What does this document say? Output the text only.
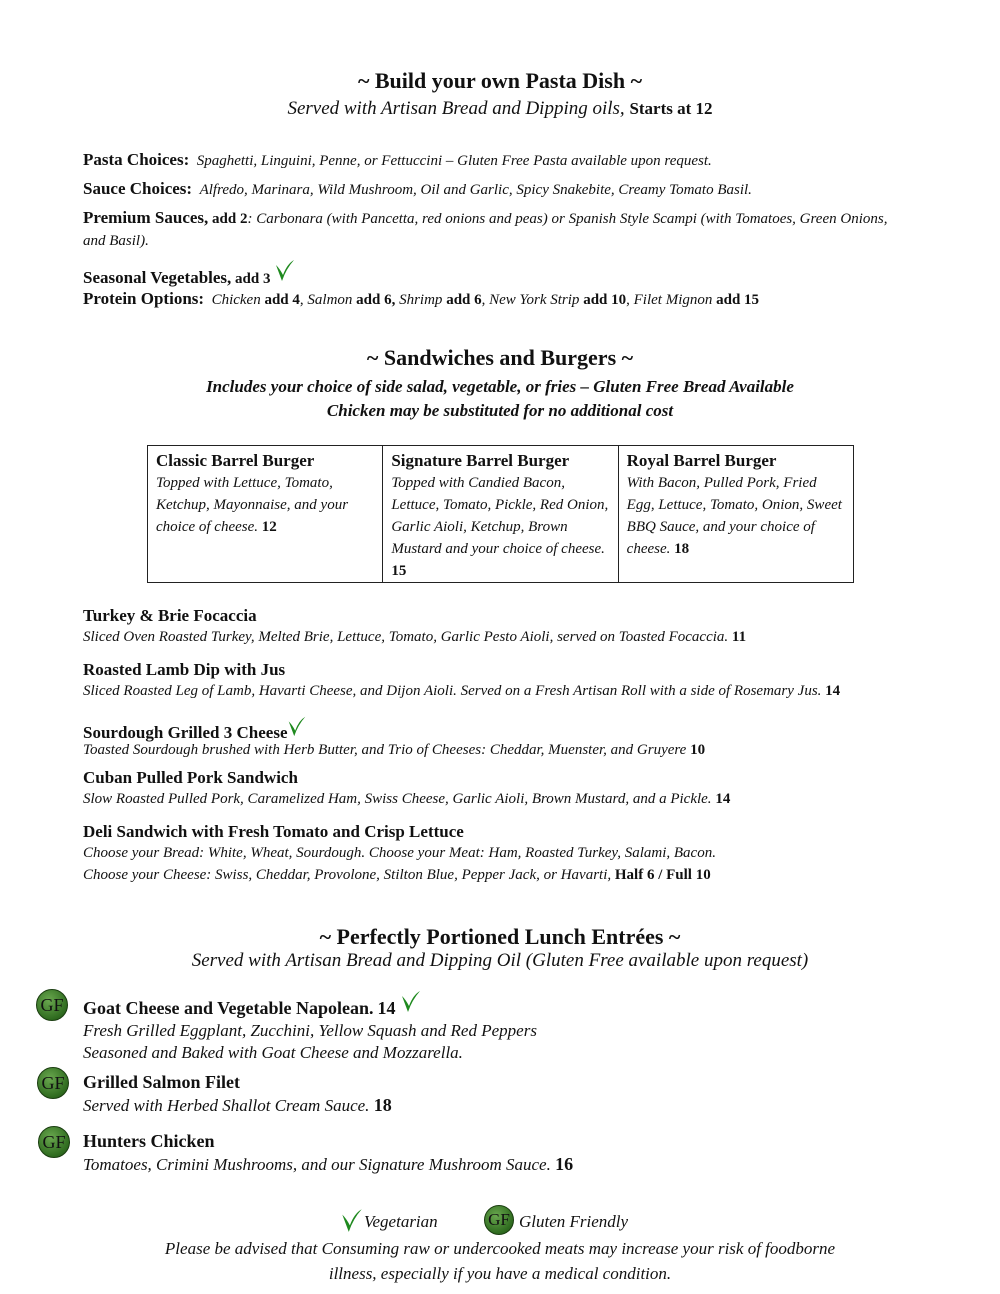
~ Build your own Pasta Dish ~
Served with Artisan Bread and Dipping oils, Starts at 12
Pasta Choices: Spaghetti, Linguini, Penne, or Fettuccini – Gluten Free Pasta available upon request.
Sauce Choices: Alfredo, Marinara, Wild Mushroom, Oil and Garlic, Spicy Snakebite, Creamy Tomato Basil.
Premium Sauces, add 2: Carbonara (with Pancetta, red onions and peas) or Spanish Style Scampi (with Tomatoes, Green Onions, and Basil).
Seasonal Vegetables, add 3
Protein Options: Chicken add 4, Salmon add 6, Shrimp add 6, New York Strip add 10, Filet Mignon add 15
~ Sandwiches and Burgers ~
Includes your choice of side salad, vegetable, or fries – Gluten Free Bread Available
Chicken may be substituted for no additional cost
Classic Barrel Burger
Topped with Lettuce, Tomato, Ketchup, Mayonnaise, and your choice of cheese. 12	
Signature Barrel Burger
Topped with Candied Bacon, Lettuce, Tomato, Pickle, Red Onion, Garlic Aioli, Ketchup, Brown Mustard and your choice of cheese. 15	
Royal Barrel Burger
With Bacon, Pulled Pork, Fried Egg, Lettuce, Tomato, Onion, Sweet BBQ Sauce, and your choice of cheese. 18
Turkey & Brie Focaccia
Sliced Oven Roasted Turkey, Melted Brie, Lettuce, Tomato, Garlic Pesto Aioli, served on Toasted Focaccia. 11
Roasted Lamb Dip with Jus
Sliced Roasted Leg of Lamb, Havarti Cheese, and Dijon Aioli. Served on a Fresh Artisan Roll with a side of Rosemary Jus. 14
Sourdough Grilled 3 Cheese
Toasted Sourdough brushed with Herb Butter, and Trio of Cheeses: Cheddar, Muenster, and Gruyere 10
Cuban Pulled Pork Sandwich
Slow Roasted Pulled Pork, Caramelized Ham, Swiss Cheese, Garlic Aioli, Brown Mustard, and a Pickle. 14
Deli Sandwich with Fresh Tomato and Crisp Lettuce
Choose your Bread: White, Wheat, Sourdough. Choose your Meat: Ham, Roasted Turkey, Salami, Bacon.
Choose your Cheese: Swiss, Cheddar, Provolone, Stilton Blue, Pepper Jack, or Havarti, Half 6 / Full 10
~ Perfectly Portioned Lunch Entrées ~
Served with Artisan Bread and Dipping Oil (Gluten Free available upon request)
GF Goat Cheese and Vegetable Napolean. 14
Fresh Grilled Eggplant, Zucchini, Yellow Squash and Red Peppers
Seasoned and Baked with Goat Cheese and Mozzarella.
GF Grilled Salmon Filet
Served with Herbed Shallot Cream Sauce. 18
GF Hunters Chicken
Tomatoes, Crimini Mushrooms, and our Signature Mushroom Sauce. 16
Vegetarian	GF Gluten Friendly
Please be advised that Consuming raw or undercooked meats may increase your risk of foodborne illness, especially if you have a medical condition.
